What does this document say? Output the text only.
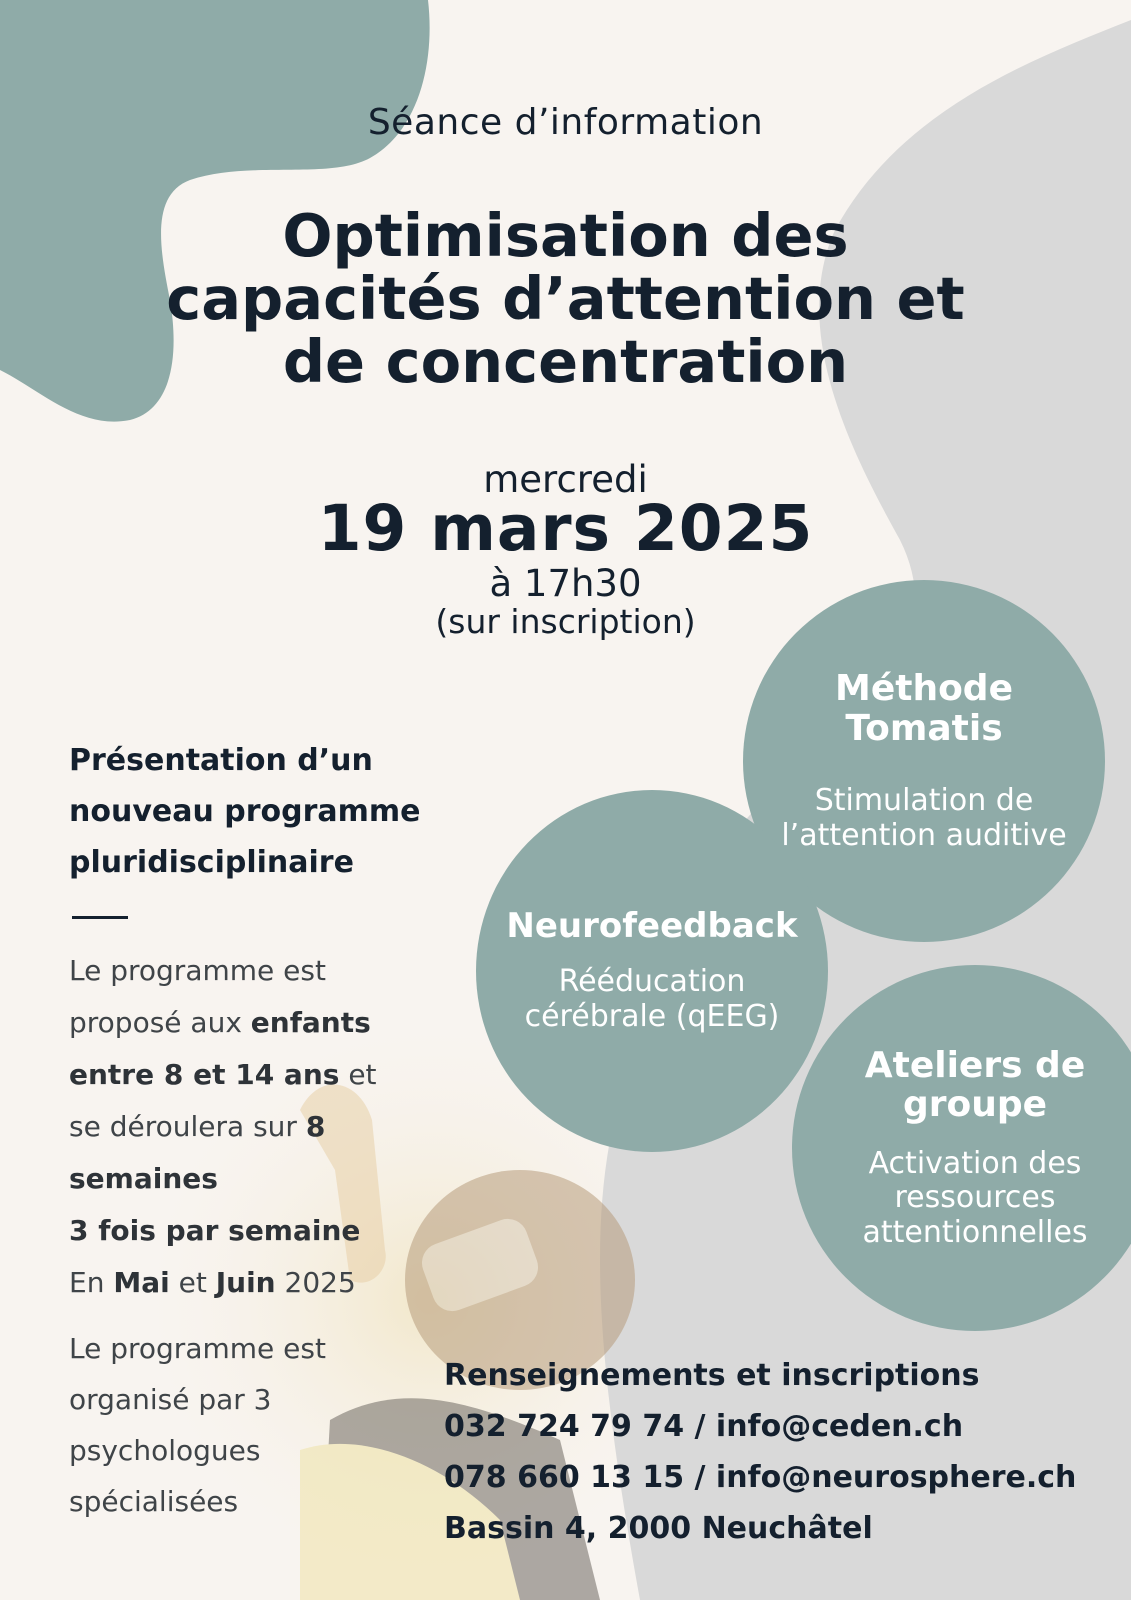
Séance d’information
Optimisation des
capacités d’attention et
de concentration
mercredi
19 mars 2025
à 17h30
(sur inscription)
Méthode
Tomatis
Stimulation de
l’attention auditive
Neurofeedback
Rééducation
cérébrale (qEEG)
Ateliers de
groupe
Activation des
ressources
attentionnelles
Présentation d’un
nouveau programme
pluridisciplinaire
Le programme est proposé aux enfants entre 8 et 14 ans et se déroulera sur 8 semaines
3 fois par semaine
En Mai et Juin 2025
Le programme est organisé par 3 psychologues spécialisées
Renseignements et inscriptions
032 724 79 74 / info@ceden.ch
078 660 13 15 / info@neurosphere.ch
Bassin 4, 2000 Neuchâtel
